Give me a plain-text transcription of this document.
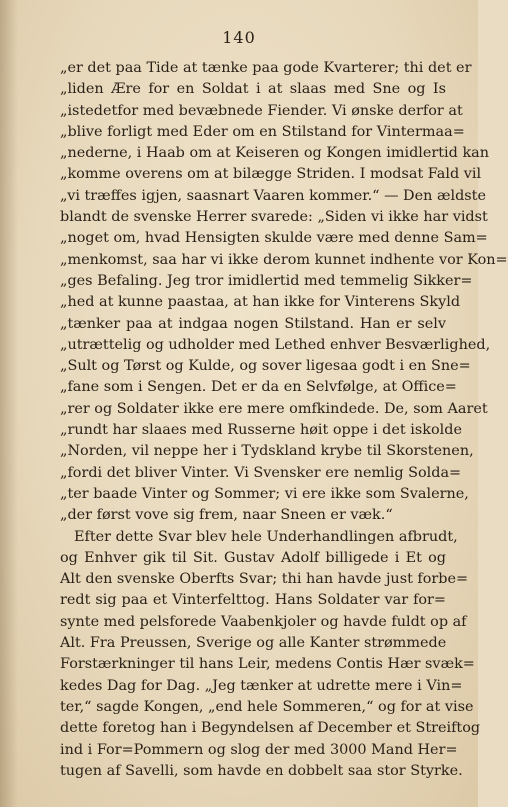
140
„er det paa Tide at tænke paa gode Kvarterer; thi det er
„liden Ære for en Soldat i at slaas med Sne og Is
„istedetfor med bevæbnede Fiender. Vi ønske derfor at
„blive forligt med Eder om en Stilstand for Vintermaa=
„nederne, i Haab om at Keiseren og Kongen imidlertid kan
„komme overens om at bilægge Striden. I modsat Fald vil
„vi træffes igjen, saasnart Vaaren kommer.“ — Den ældste
blandt de svenske Herrer svarede: „Siden vi ikke har vidst
„noget om, hvad Hensigten skulde være med denne Sam=
„menkomst, saa har vi ikke derom kunnet indhente vor Kon=
„ges Befaling. Jeg tror imidlertid med temmelig Sikker=
„hed at kunne paastaa, at han ikke for Vinterens Skyld
„tænker paa at indgaa nogen Stilstand. Han er selv
„utrættelig og udholder med Lethed enhver Besværlighed,
„Sult og Tørst og Kulde, og sover ligesaa godt i en Sne=
„fane som i Sengen. Det er da en Selvfølge, at Office=
„rer og Soldater ikke ere mere omfkindede. De, som Aaret
„rundt har slaaes med Russerne høit oppe i det iskolde
„Norden, vil neppe her i Tydskland krybe til Skorstenen,
„fordi det bliver Vinter. Vi Svensker ere nemlig Solda=
„ter baade Vinter og Sommer; vi ere ikke som Svalerne,
„der først vove sig frem, naar Sneen er væk.“
Efter dette Svar blev hele Underhandlingen afbrudt,
og Enhver gik til Sit. Gustav Adolf billigede i Et og
Alt den svenske Oberfts Svar; thi han havde just forbe=
redt sig paa et Vinterfelttog. Hans Soldater var for=
synte med pelsforede Vaabenkjoler og havde fuldt op af
Alt. Fra Preussen, Sverige og alle Kanter strømmede
Forstærkninger til hans Leir, medens Contis Hær svæk=
kedes Dag for Dag. „Jeg tænker at udrette mere i Vin=
ter,“ sagde Kongen, „end hele Sommeren,“ og for at vise
dette foretog han i Begyndelsen af December et Streiftog
ind i For=Pommern og slog der med 3000 Mand Her=
tugen af Savelli, som havde en dobbelt saa stor Styrke.
